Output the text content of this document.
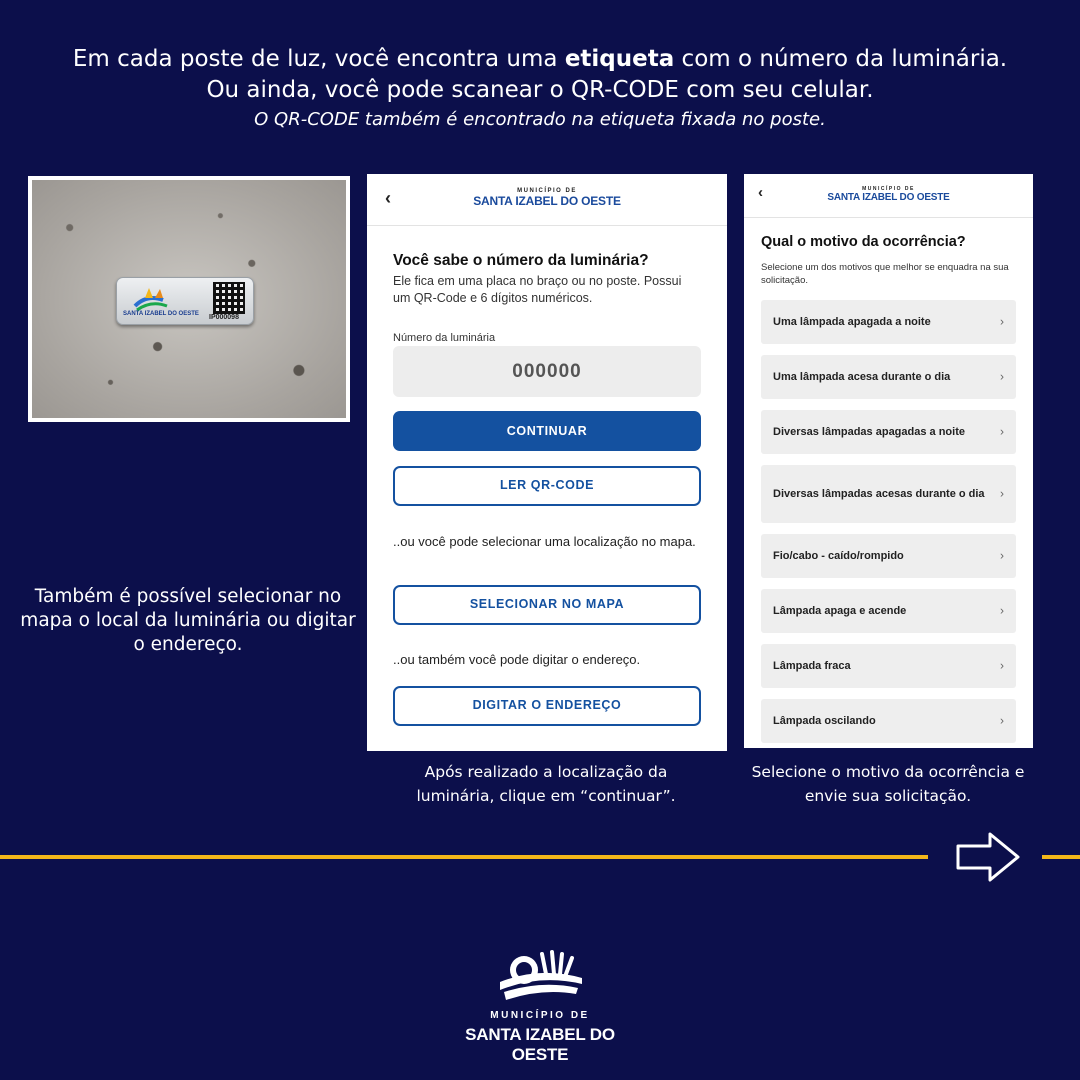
Em cada poste de luz, você encontra uma etiqueta com o número da luminária.
Ou ainda, você pode scanear o QR-CODE com seu celular.
O QR-CODE também é encontrado na etiqueta fixada no poste.
SANTA IZABEL DO OESTE IP000098
Também é possível selecionar no mapa o local da luminária ou digitar o endereço.
‹	MUNICÍPIO DE
SANTA IZABEL DO OESTE
Você sabe o número da luminária?
Ele fica em uma placa no braço ou no poste. Possui um QR-Code e 6 dígitos numéricos.
Número da luminária
000000
CONTINUAR
LER QR-CODE
..ou você pode selecionar uma localização no mapa.
SELECIONAR NO MAPA
..ou também você pode digitar o endereço.
DIGITAR O ENDEREÇO
‹	MUNICÍPIO DE
SANTA IZABEL DO OESTE
Qual o motivo da ocorrência?
Selecione um dos motivos que melhor se enquadra na sua solicitação.
Uma lâmpada apagada a noite	›
Uma lâmpada acesa durante o dia	›
Diversas lâmpadas apagadas a noite	›
Diversas lâmpadas acesas durante o dia ›
Fio/cabo - caído/rompido	›
Lâmpada apaga e acende	›
Lâmpada fraca	›
Lâmpada oscilando	›
Após realizado a localização da luminária, clique em “continuar”.
Selecione o motivo da ocorrência e envie sua solicitação.
MUNICÍPIO DE
SANTA IZABEL DO OESTE
